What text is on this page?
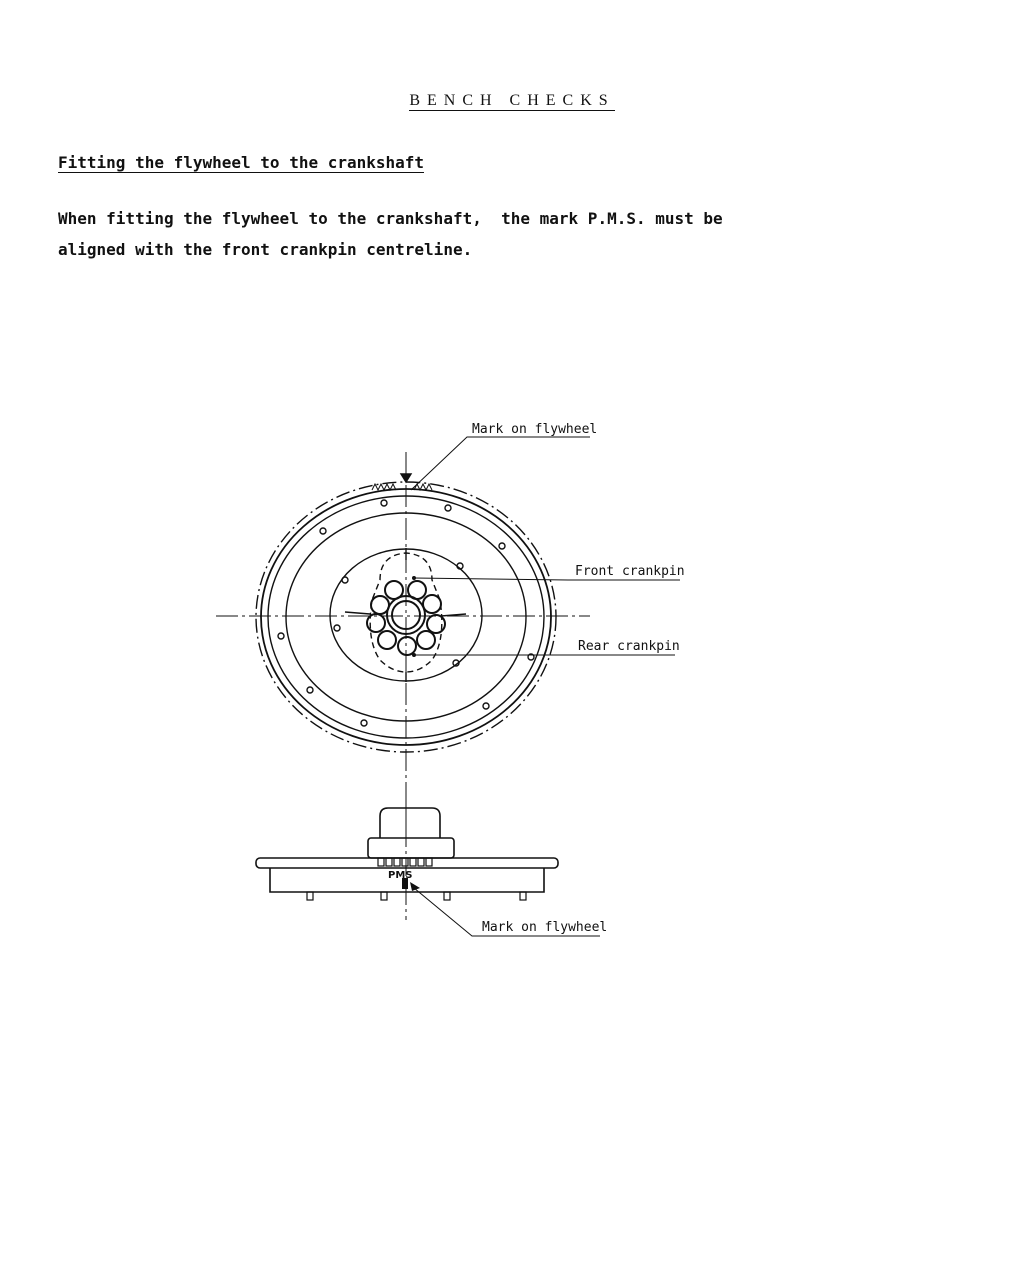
BENCH CHECKS
Fitting the flywheel to the crankshaft
When fitting the flywheel to the crankshaft,  the mark P.M.S. must be
aligned with the front crankpin centreline.
Mark on flywheel
Front crankpin
Rear crankpin
PMS
Mark on flywheel
